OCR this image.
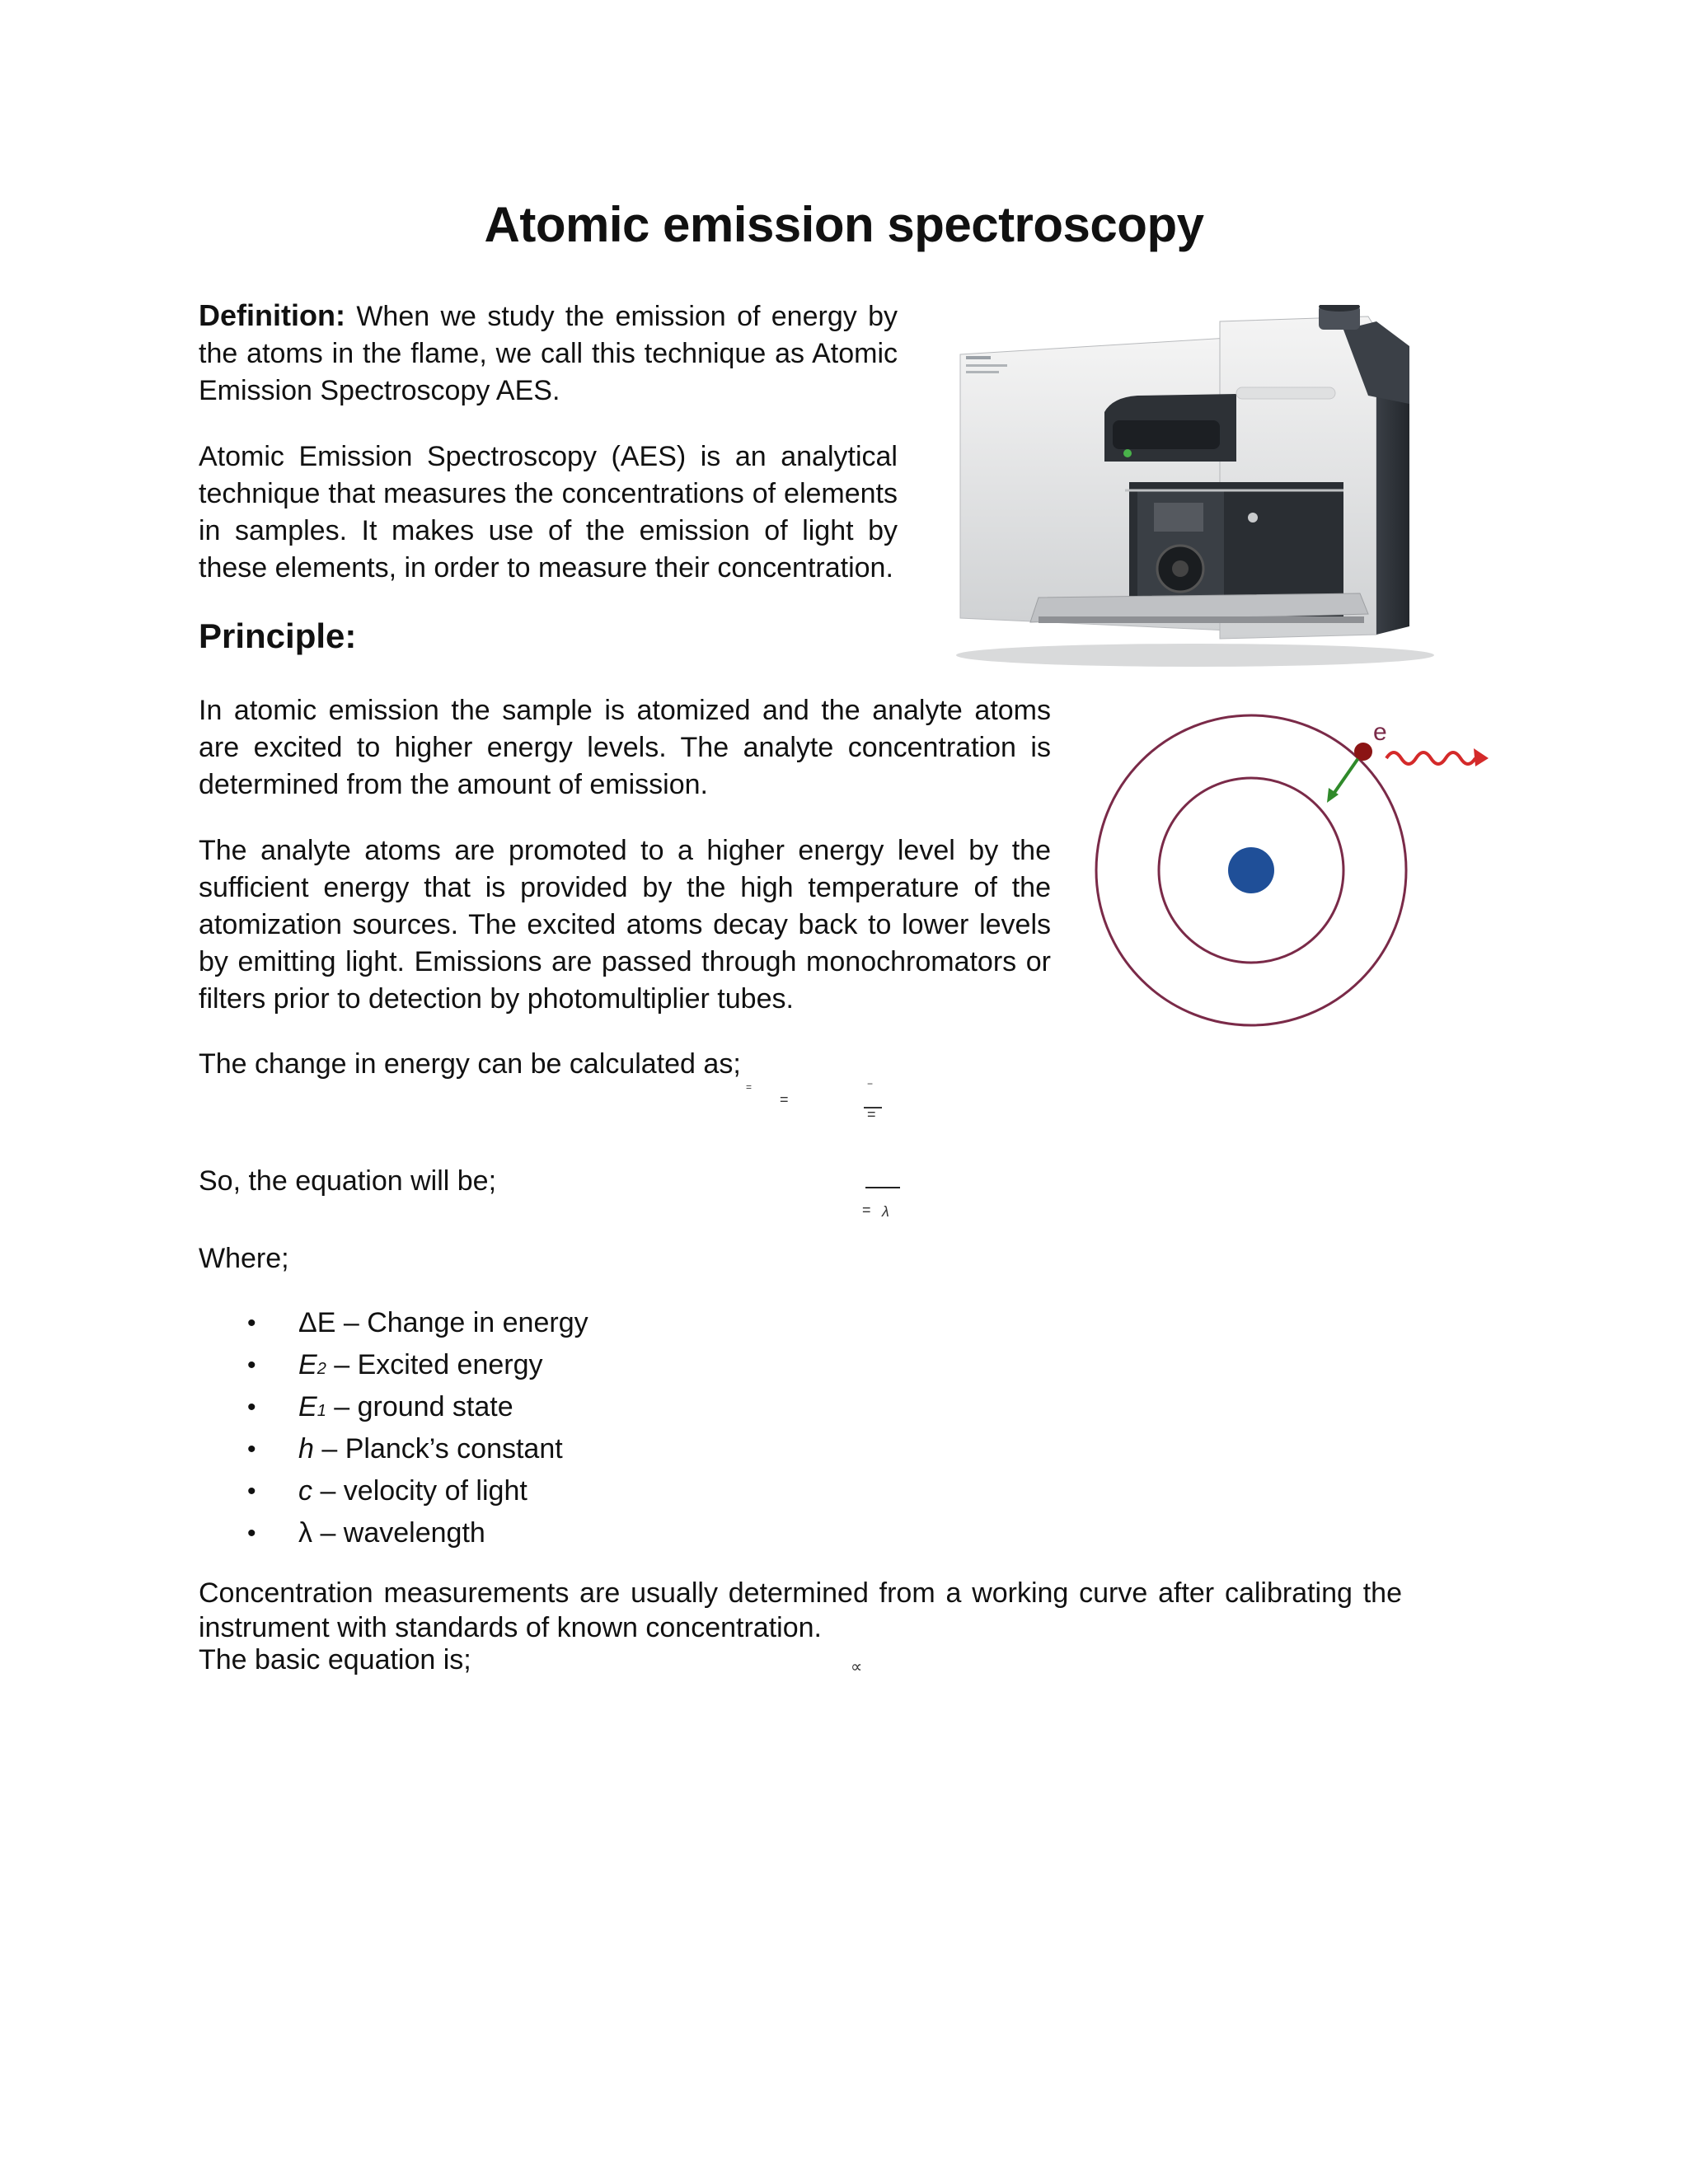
Atomic emission spectroscopy
Definition: When we study the emission of energy by the atoms in the flame, we call this technique as Atomic Emission Spectroscopy AES.
Atomic Emission Spectroscopy (AES) is an analytical technique that measures the concentrations of elements in samples. It makes use of the emission of light by these elements, in order to measure their concentration.
Principle:
In atomic emission the sample is atomized and the analyte atoms are excited to higher energy levels. The analyte concentration is determined from the amount of emission.
The analyte atoms are promoted to a higher energy level by the sufficient energy that is provided by the high temperature of the atomization sources. The excited atoms decay back to lower levels by emitting light. Emissions are passed through monochromators or filters prior to detection by photomultiplier tubes.
The change in energy can be calculated as;
=
=
−
=
So, the equation will be;
= λ
Where;
• ΔE – Change in energy
• E2 – Excited energy
• E1 – ground state
• h – Planck’s constant
• c – velocity of light
• λ – wavelength
Concentration measurements are usually determined from a working curve after calibrating the instrument with standards of known concentration.
The basic equation is;	∝
e
